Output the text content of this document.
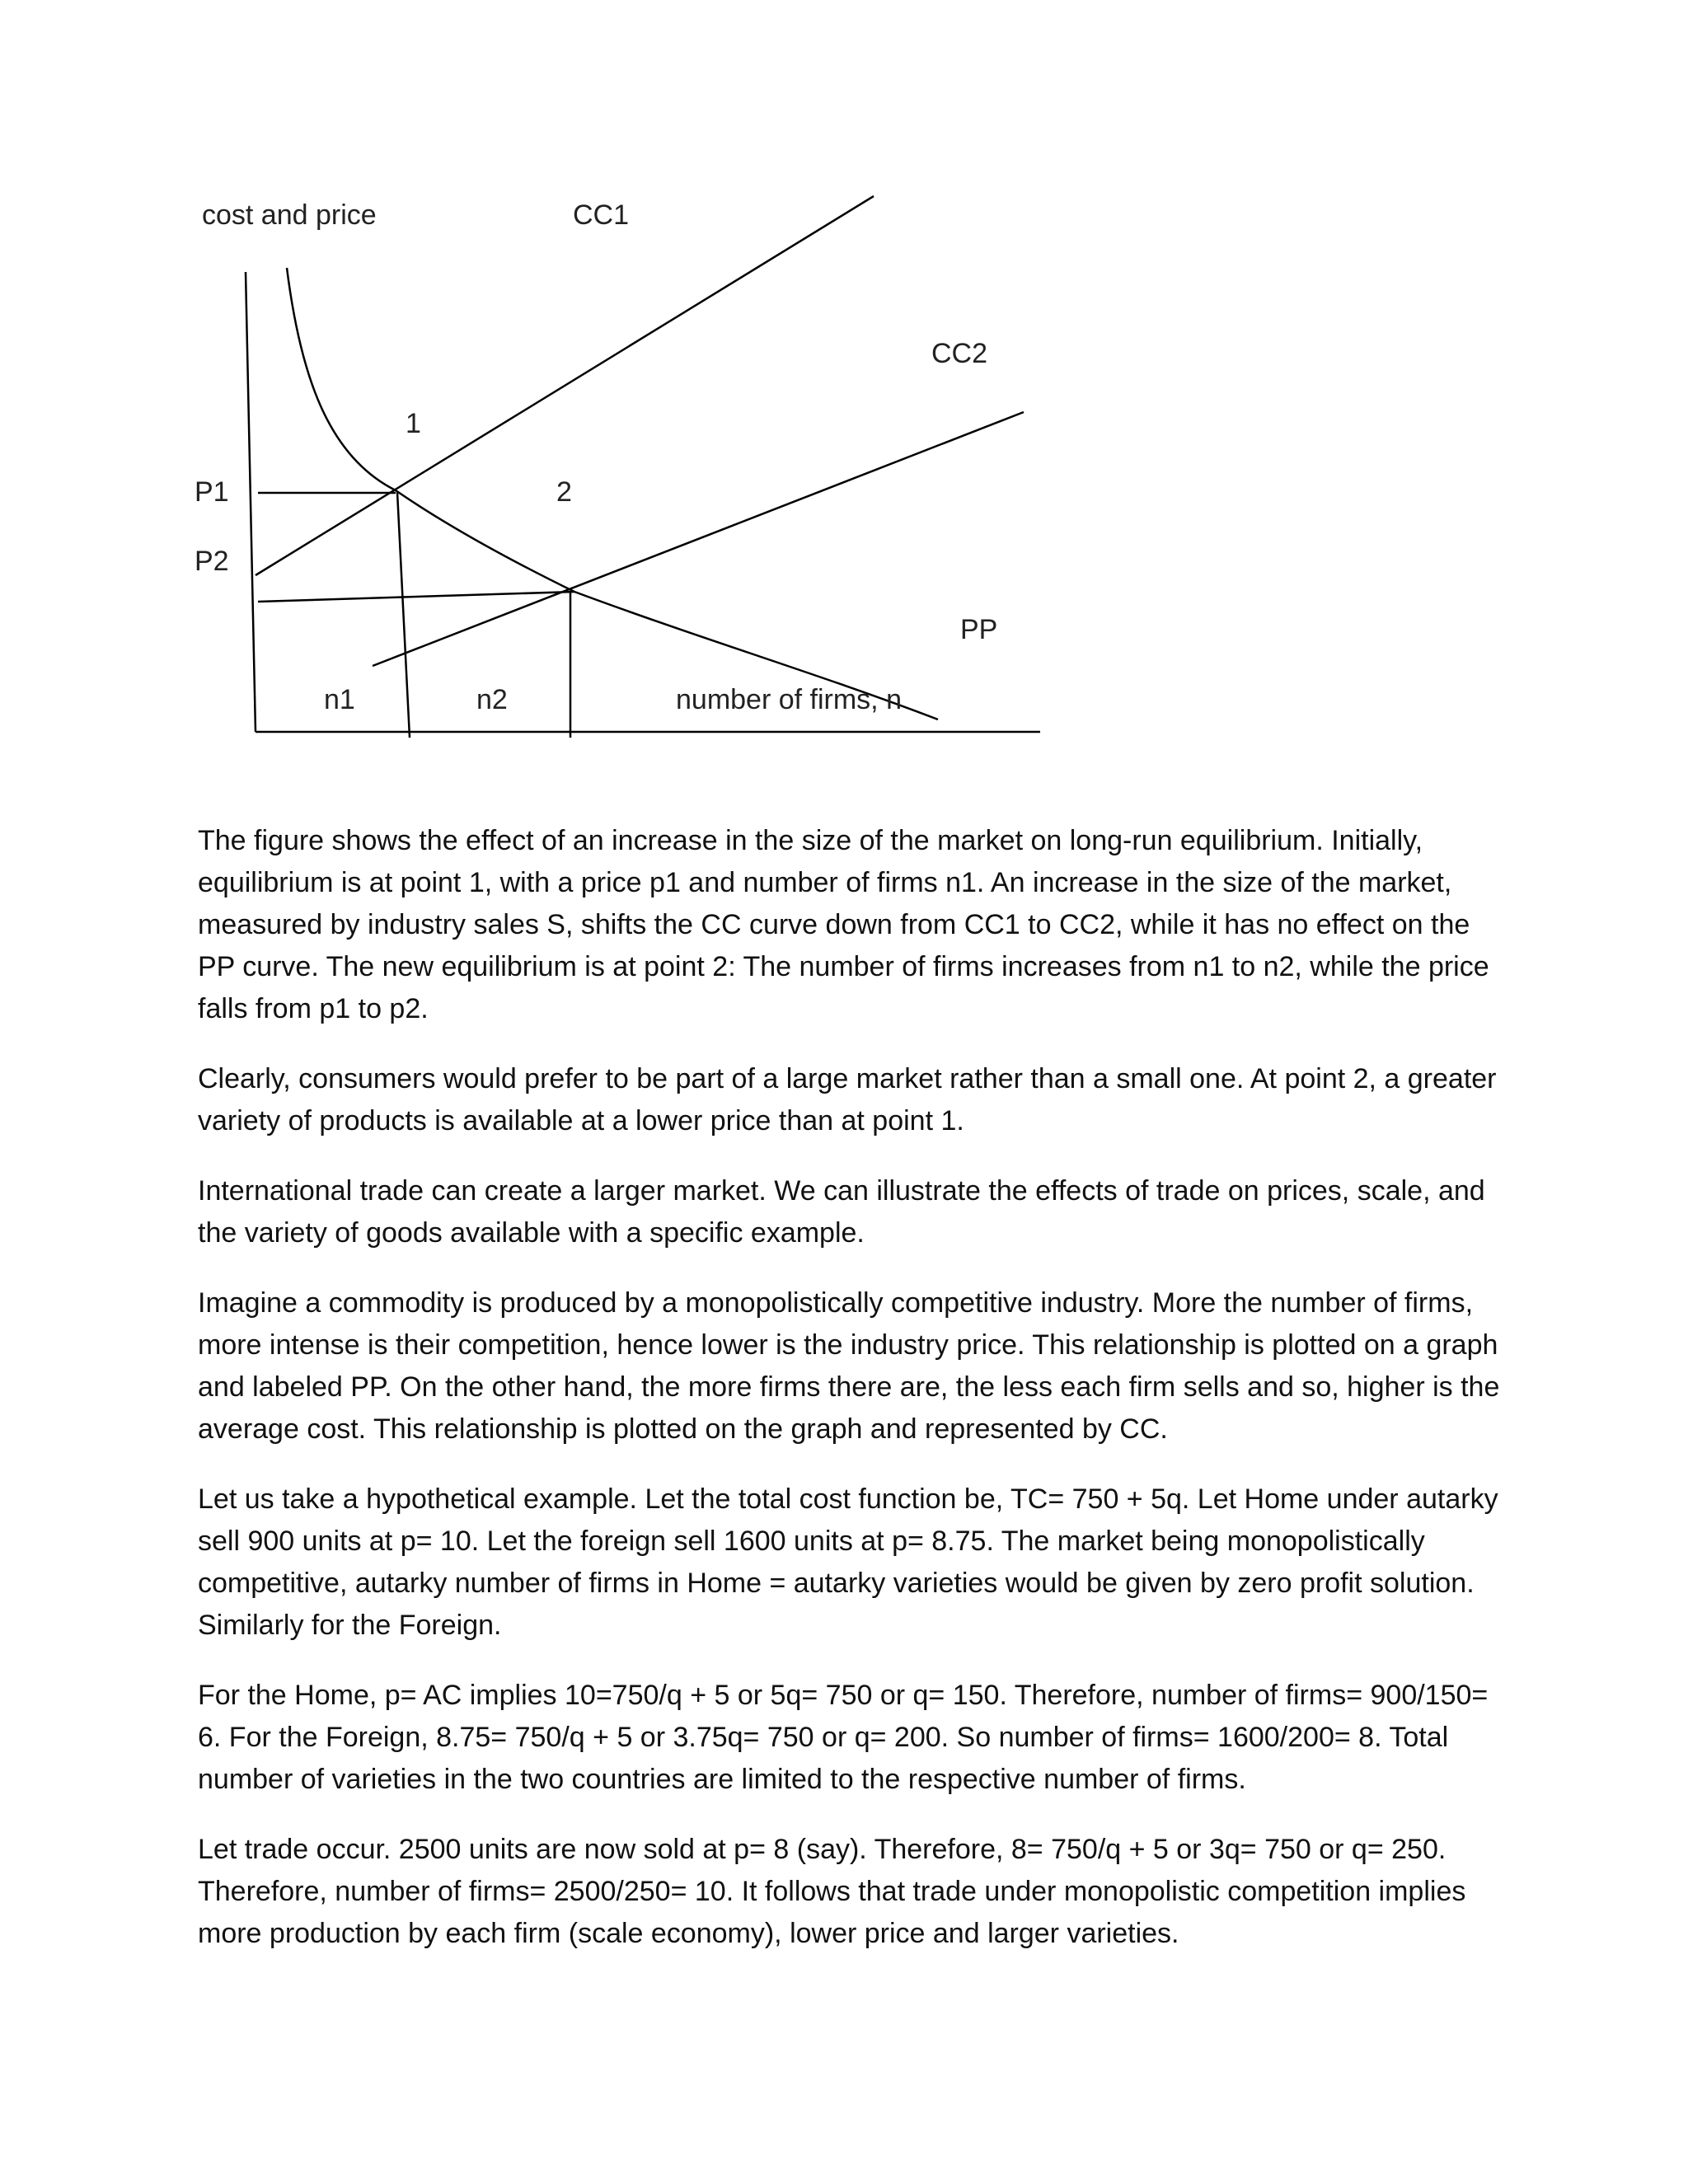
cost and price	CC1
CC2
PP
1
2
P1
P2
n1	n2	number of firms, n

The figure shows the effect of an increase in the size of the market on long-run equilibrium. Initially, equilibrium is at point 1, with a price p1 and number of firms n1. An increase in the size of the market, measured by industry sales S, shifts the CC curve down from CC1 to CC2, while it has no effect on the PP curve. The new equilibrium is at point 2: The number of firms increases from n1 to n2, while the price falls from p1 to p2.

Clearly, consumers would prefer to be part of a large market rather than a small one. At point 2, a greater variety of products is available at a lower price than at point 1.

International trade can create a larger market. We can illustrate the effects of trade on prices, scale, and the variety of goods available with a specific example.

Imagine a commodity is produced by a monopolistically competitive industry. More the number of firms, more intense is their competition, hence lower is the industry price. This relationship is plotted on a graph and labeled PP. On the other hand, the more firms there are, the less each firm sells and so, higher is the average cost. This relationship is plotted on the graph and represented by CC.

Let us take a hypothetical example. Let the total cost function be, TC= 750 + 5q. Let Home under autarky sell 900 units at p= 10. Let the foreign sell 1600 units at p= 8.75. The market being monopolistically competitive, autarky number of firms in Home = autarky varieties would be given by zero profit solution. Similarly for the Foreign.

For the Home, p= AC implies 10=750/q + 5 or 5q= 750 or q= 150. Therefore, number of firms= 900/150= 6. For the Foreign, 8.75= 750/q + 5 or 3.75q= 750 or q= 200. So number of firms= 1600/200= 8. Total number of varieties in the two countries are limited to the respective number of firms.

Let trade occur. 2500 units are now sold at p= 8 (say). Therefore, 8= 750/q + 5 or 3q= 750 or q= 250. Therefore, number of firms= 2500/250= 10. It follows that trade under monopolistic competition implies more production by each firm (scale economy), lower price and larger varieties.
